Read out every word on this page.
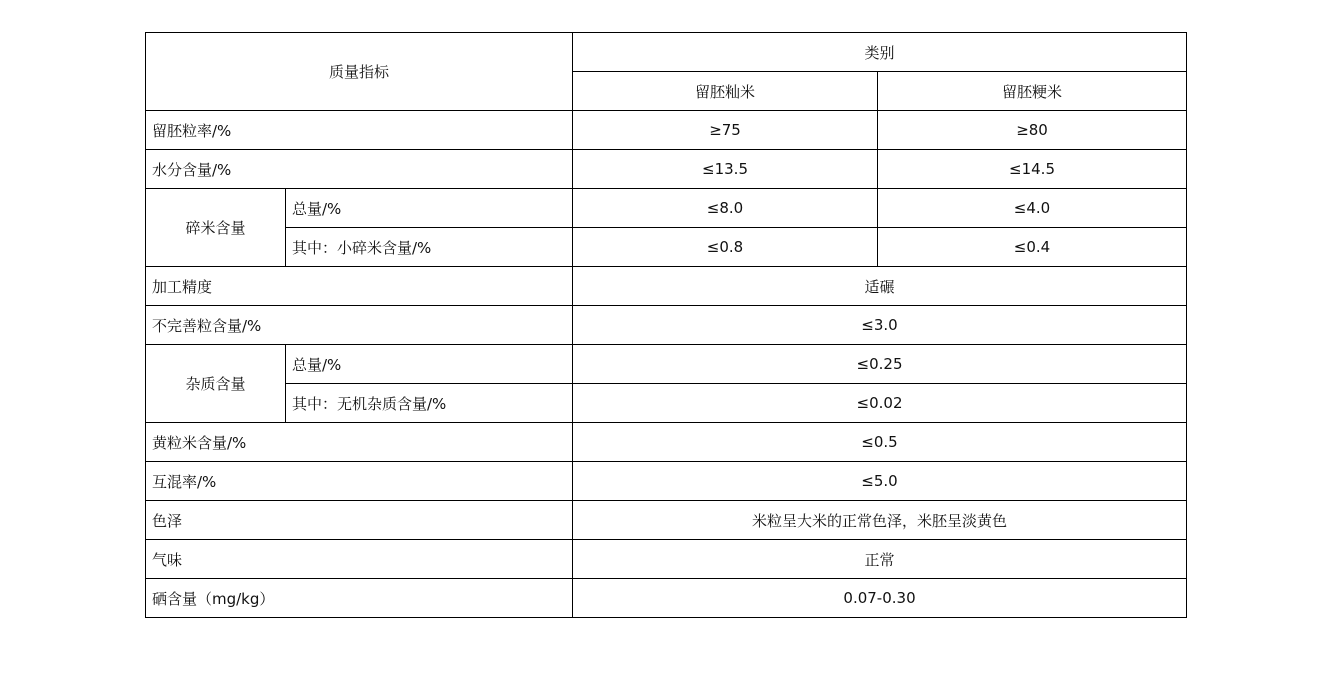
质量指标		类别	
		留胚籼米	留胚粳米
留胚粒率/%		≥75	≥80
水分含量/%		≤13.5	≤14.5
碎米含量	总量/%	≤8.0	≤4.0
	其中：小碎米含量/%	≤0.8	≤0.4
加工精度		适碾	
不完善粒含量/%		≤3.0	
杂质含量	总量/%	≤0.25	
	其中：无机杂质含量/%	≤0.02	
黄粒米含量/%		≤0.5	
互混率/%		≤5.0	
色泽		米粒呈大米的正常色泽，米胚呈淡黄色	
气味		正常	
硒含量（mg/kg）		0.07-0.30	
